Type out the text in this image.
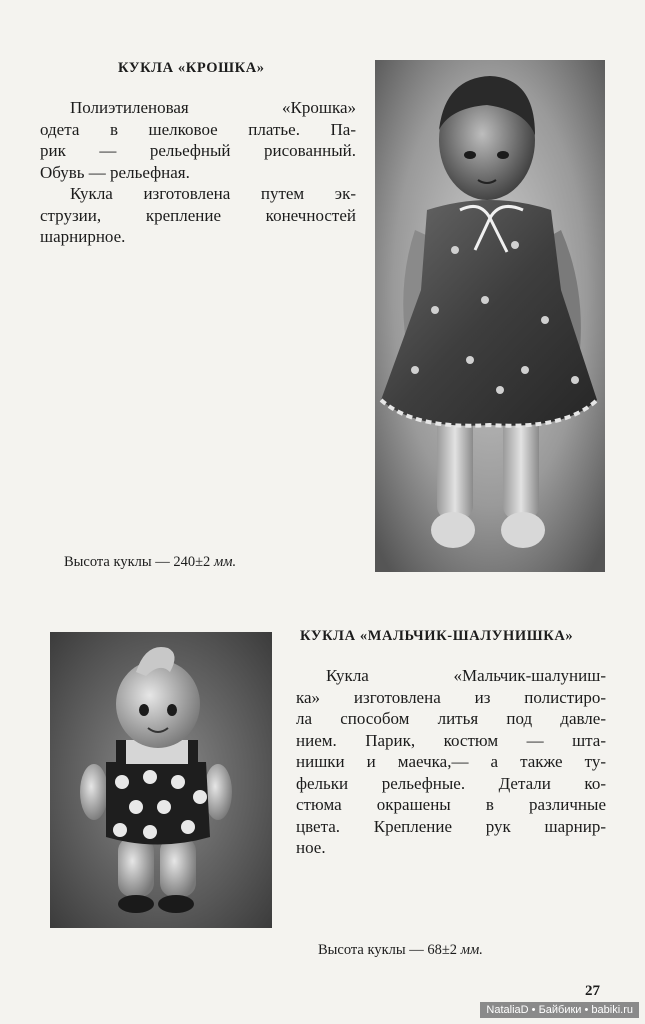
КУКЛА «КРОШКА»
Полиэтиленовая «Крошка»
одета в шелковое платье. Па-
рик — рельефный рисованный.
Обувь — рельефная.
Кукла изготовлена путем эк-
струзии, крепление конечностей
шарнирное.
Высота куклы — 240±2 мм.
КУКЛА «МАЛЬЧИК-ШАЛУНИШКА»
Кукла «Мальчик-шалуниш-
ка» изготовлена из полистиро-
ла способом литья под давле-
нием. Парик, костюм — шта-
нишки и маечка,— а также ту-
фельки рельефные. Детали ко-
стюма окрашены в различные
цвета. Крепление рук шарнир-
ное.
Высота куклы — 68±2 мм.
27
NataliaD • Байбики • babiki.ru
